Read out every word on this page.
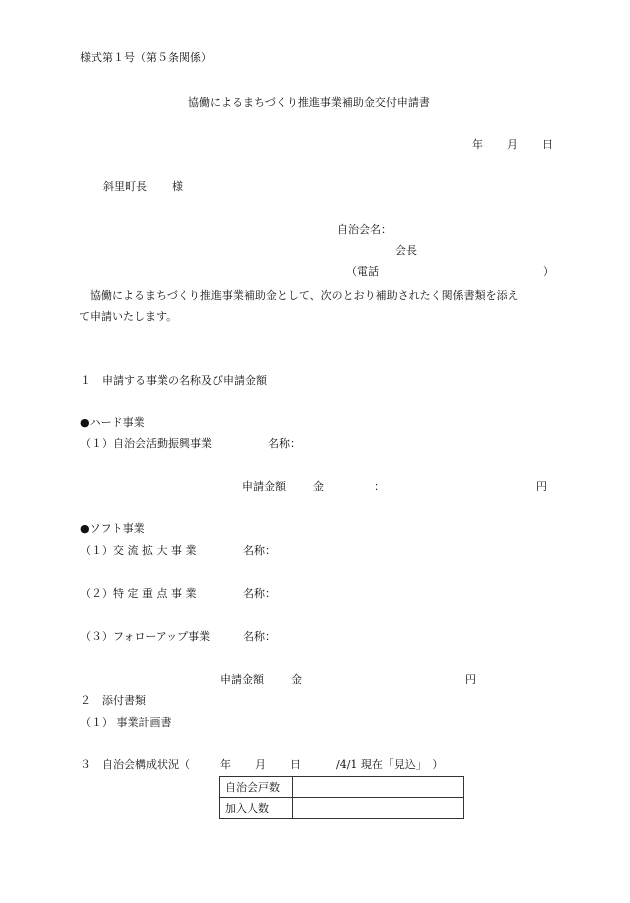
様式第１号（第５条関係）
協働によるまちづくり推進事業補助金交付申請書
年 月 日
斜里町長 様
自治会名：
会長
（電話	）
協働によるまちづくり推進事業補助金として、次のとおり補助されたく関係書類を添え
て申請いたします。
１　申請する事業の名称及び申請金額
●ハード事業
（１）自治会活動振興事業	名称：
申請金額 金	：	円
●ソフト事業
（１）交 流 拡 大 事 業	名称：
（２）特 定 重 点 事 業	名称：
（３）フォローアップ事業	名称：
申請金額 金	円
２　添付書類
（１） 事業計画書
３　自治会構成状況（	年 月 日	/4/1 現在「見込」　）
自治会戸数	
加入人数	
